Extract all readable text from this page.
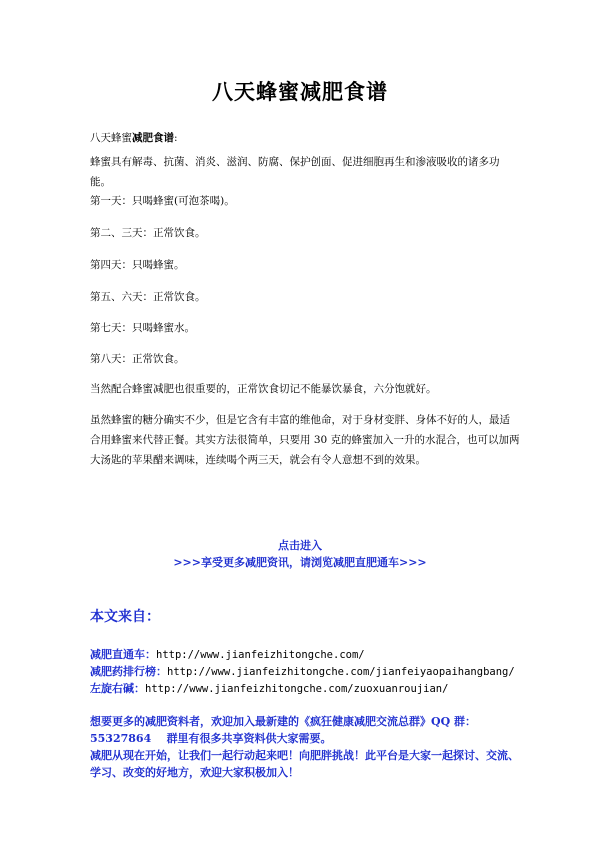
八天蜂蜜减肥食谱
八天蜂蜜减肥食谱:
蜂蜜具有解毒、抗菌、消炎、滋润、防腐、保护创面、促进细胞再生和渗液吸收的诸多功能。
第一天：只喝蜂蜜(可泡茶喝)。
第二、三天：正常饮食。
第四天：只喝蜂蜜。
第五、六天：正常饮食。
第七天：只喝蜂蜜水。
第八天：正常饮食。
当然配合蜂蜜减肥也很重要的，正常饮食切记不能暴饮暴食，六分饱就好。
虽然蜂蜜的糖分确实不少，但是它含有丰富的维他命，对于身材变胖、身体不好的人，最适合用蜂蜜来代替正餐。其实方法很简单，只要用 30 克的蜂蜜加入一升的水混合，也可以加两大汤匙的苹果醋来调味，连续喝个两三天，就会有令人意想不到的效果。
点击进入
>>>享受更多减肥资讯，请浏览减肥直肥通车>>>
本文来自：
减肥直通车：http://www.jianfeizhitongche.com/
减肥药排行榜：http://www.jianfeizhitongche.com/jianfeiyaopaihangbang/
左旋右碱：http://www.jianfeizhitongche.com/zuoxuanroujian/
想要更多的减肥资料者，欢迎加入最新建的《疯狂健康减肥交流总群》QQ 群：
55327864 群里有很多共享资料供大家需要。
减肥从现在开始，让我们一起行动起来吧！向肥胖挑战！此平台是大家一起探讨、交流、学习、改变的好地方，欢迎大家积极加入！
